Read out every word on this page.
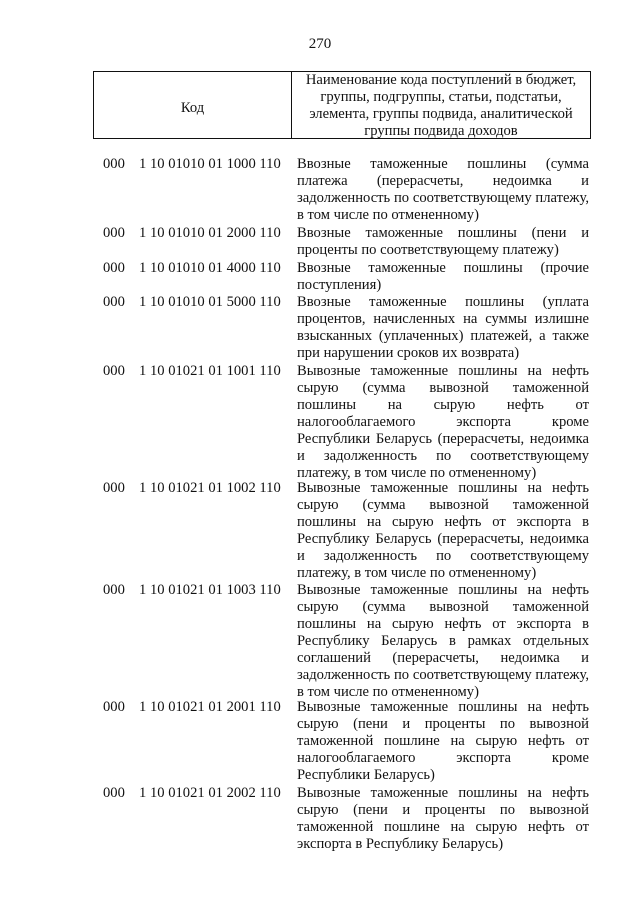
270
Код
Наименование кода поступлений в бюджет, группы, подгруппы, статьи, подстатьи, элемента, группы подвида, аналитической группы подвида доходов
000 1 10 01010 01 1000 110 Ввозные таможенные пошлины (сумма платежа (перерасчеты, недоимка и задолженность по соответствующему платежу, в том числе по отмененному)
000 1 10 01010 01 2000 110 Ввозные таможенные пошлины (пени и проценты по соответствующему платежу)
000 1 10 01010 01 4000 110 Ввозные таможенные пошлины (прочие поступления)
000 1 10 01010 01 5000 110 Ввозные таможенные пошлины (уплата процентов, начисленных на суммы излишне взысканных (уплаченных) платежей, а также при нарушении сроков их возврата)
000 1 10 01021 01 1001 110 Вывозные таможенные пошлины на нефть сырую (сумма вывозной таможенной пошлины на сырую нефть от налогооблагаемого экспорта кроме Республики Беларусь (перерасчеты, недоимка и задолженность по соответствующему платежу, в том числе по отмененному)
000 1 10 01021 01 1002 110 Вывозные таможенные пошлины на нефть сырую (сумма вывозной таможенной пошлины на сырую нефть от экспорта в Республику Беларусь (перерасчеты, недоимка и задолженность по соответствующему платежу, в том числе по отмененному)
000 1 10 01021 01 1003 110 Вывозные таможенные пошлины на нефть сырую (сумма вывозной таможенной пошлины на сырую нефть от экспорта в Республику Беларусь в рамках отдельных соглашений (перерасчеты, недоимка и задолженность по соответствующему платежу, в том числе по отмененному)
000 1 10 01021 01 2001 110 Вывозные таможенные пошлины на нефть сырую (пени и проценты по вывозной таможенной пошлине на сырую нефть от налогооблагаемого экспорта кроме Республики Беларусь)
000 1 10 01021 01 2002 110 Вывозные таможенные пошлины на нефть сырую (пени и проценты по вывозной таможенной пошлине на сырую нефть от экспорта в Республику Беларусь)
